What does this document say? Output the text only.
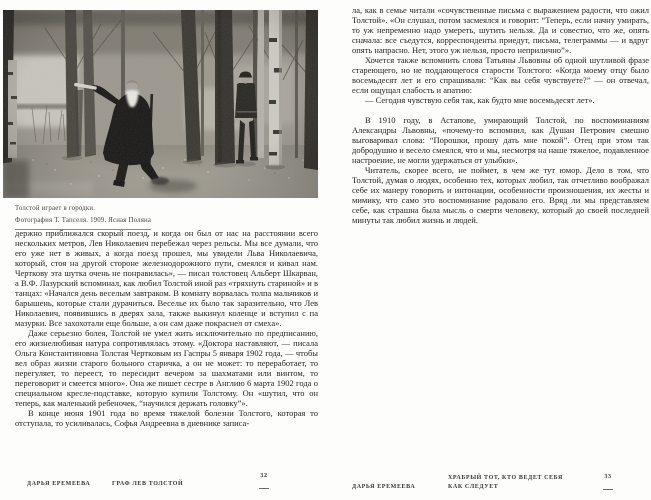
Толстой играет в городки.
Фотография Т. Тапселя. 1909. Ясная Поляна

держно приближался скорый поезд, и когда он был от нас на расстоянии всего нескольких метров, Лев Николаевич перебежал через рельсы. Мы все думали, что его уже нет в живых, а когда поезд прошел, мы увидели Льва Николаевича, который, стоя на другой стороне железнодорожного пути, смеялся и кивал нам. Черткову эта шутка очень не понравилась», — писал толстовец Альберт Шкарван, а В.Ф. Лазурский вспоминал, как любил Толстой иной раз «тряхнуть стариной» и в танцах: «Начался день веселым завтраком. В комнату ворвалась толпа мальчиков и барышень, которые стали дурачиться. Веселье их было так заразительно, что Лев Николаевич, появившись в дверях зала, также выкинул коленце и вступил с па мазурки. Все захохотали еще больше, а он сам даже покраснел от смеха».

Даже серьезно болея, Толстой не умел жить исключительно по предписанию, его жизнелюбивая натура сопротивлялась этому. «Доктора наставляют, — писала Ольга Константиновна Толстая Чертковым из Гаспры 5 января 1902 года, — чтобы вел образ жизни старого больного старичка, а он не может: то переработает, то перегуляет, то переест, то пересидит вечером за шахматами или винтом, то переговорит и смеется много». Она же пишет сестре в Англию 6 марта 1902 года о специальном кресле-подставке, которую купили Толстому. Он «шутил, что он теперь, как маленький ребеночек, “научился держать головку”».

В конце июня 1901 года во время тяжелой болезни Толстого, которая то отступала, то усиливалась, Софья Андреевна в дневнике записа-

ла, как в семье читали «сочувственные письма с выражением радости, что ожил Толстой». «Он слушал, потом засмеялся и говорит: “Теперь, если начну умирать, то уж непременно надо умереть, шутить нельзя. Да и совестно, что же, опять сначала: все съедутся, корреспонденты приедут, письма, телеграммы — и вдруг опять напрасно. Нет, этого уж нельзя, просто неприлично”».

Хочется также вспомнить слова Татьяны Львовны об одной шутливой фразе стареющего, но не поддающегося старости Толстого: «Когда моему отцу было восемьдесят лет и его спрашивали: “Как вы себя чувствуете?” — он отвечал, если ощущал слабость и апатию:

— Сегодня чувствую себя так, как будто мне восемьдесят лет».

В 1910 году, в Астапове, умирающий Толстой, по воспоминаниям Александры Львовны, «почему-то вспомнил, как Душан Петрович смешно выговаривал слова: “Порошки, прошу дать мне покой”. Отец при этом так добродушно и весело смеялся, что и мы, несмотря на наше тяжелое, подавленное настроение, не могли удержаться от улыбки».

Читатель, скорее всего, не поймет, в чем же тут юмор. Дело в том, что Толстой, думая о людях, особенно тех, которых любил, так отчетливо воображал себе их манеру говорить и интонации, особенности произношения, их жесты и мимику, что само это воспоминание радовало его. Вряд ли мы представляем себе, как страшна была мысль о смерти человеку, который до своей последней минуты так любил жизнь и людей.

ДАРЬЯ ЕРЕМЕЕВА	ГРАФ ЛЕВ ТОЛСТОЙ
32
ДАРЬЯ ЕРЕМЕЕВА
ХРАБРЫЙ ТОТ, КТО ВЕДЕТ СЕБЯ
КАК СЛЕДУЕТ
33
